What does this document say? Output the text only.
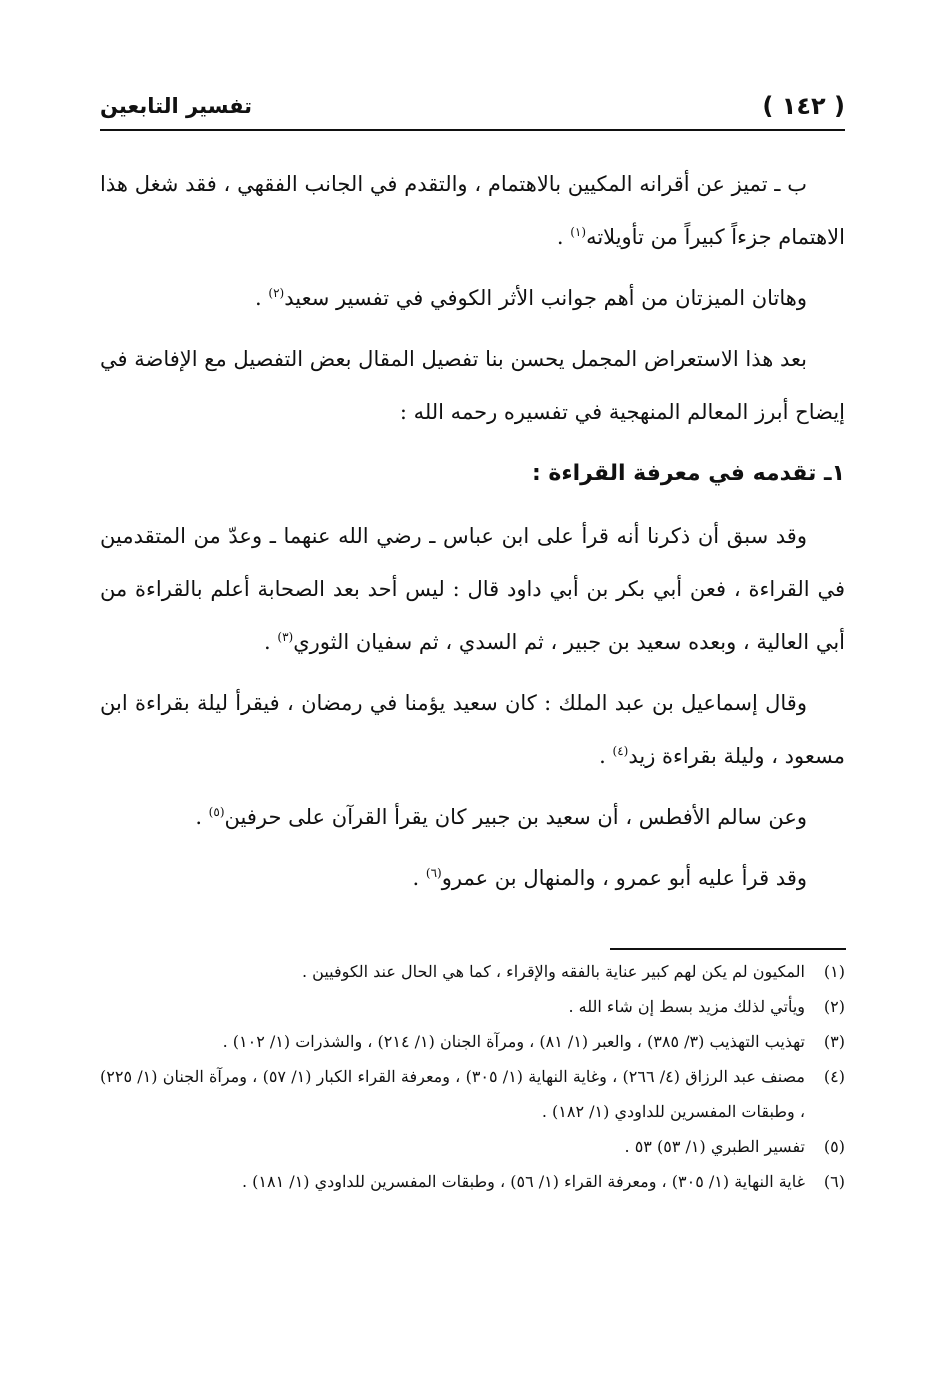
( ١٤٢ )
تفسير التابعين

ب ـ تميز عن أقرانه المكيين بالاهتمام ، والتقدم في الجانب الفقهي ، فقد شغل هذا الاهتمام جزءاً كبيراً من تأويلاته$^{(١)}$ .

وهاتان الميزتان من أهم جوانب الأثر الكوفي في تفسير سعيد$^{(٢)}$ .

بعد هذا الاستعراض المجمل يحسن بنا تفصيل المقال بعض التفصيل مع الإفاضة في إيضاح أبرز المعالم المنهجية في تفسيره رحمه الله :

١ـ تقدمه في معرفة القراءة :

وقد سبق أن ذكرنا أنه قرأ على ابن عباس ـ رضي الله عنهما ـ وعدّ من المتقدمين في القراءة ، فعن أبي بكر بن أبي داود قال : ليس أحد بعد الصحابة أعلم بالقراءة من أبي العالية ، وبعده سعيد بن جبير ، ثم السدي ، ثم سفيان الثوري$^{(٣)}$ .

وقال إسماعيل بن عبد الملك : كان سعيد يؤمنا في رمضان ، فيقرأ ليلة بقراءة ابن مسعود ، وليلة بقراءة زيد$^{(٤)}$ .

وعن سالم الأفطس ، أن سعيد بن جبير كان يقرأ القرآن على حرفين$^{(٥)}$ .

وقد قرأ عليه أبو عمرو ، والمنهال بن عمرو$^{(٦)}$ .

(١)
المكيون لم يكن لهم كبير عناية بالفقه والإقراء ، كما هي الحال عند الكوفيين .
(٢)
ويأتي لذلك مزيد بسط إن شاء الله .
(٣)
تهذيب التهذيب (٣/ ٣٨٥) ، والعبر (١/ ٨١) ، ومرآة الجنان (١/ ٢١٤) ، والشذرات (١/ ١٠٢) .
(٤)
مصنف عبد الرزاق (٤/ ٢٦٦) ، وغاية النهاية (١/ ٣٠٥) ، ومعرفة القراء الكبار (١/ ٥٧) ، ومرآة الجنان (١/ ٢٢٥) ، وطبقات المفسرين للداودي (١/ ١٨٢) .
(٥)
تفسير الطبري (١/ ٥٣) ٥٣ .
(٦)
غاية النهاية (١/ ٣٠٥) ، ومعرفة القراء (١/ ٥٦) ، وطبقات المفسرين للداودي (١/ ١٨١) .
